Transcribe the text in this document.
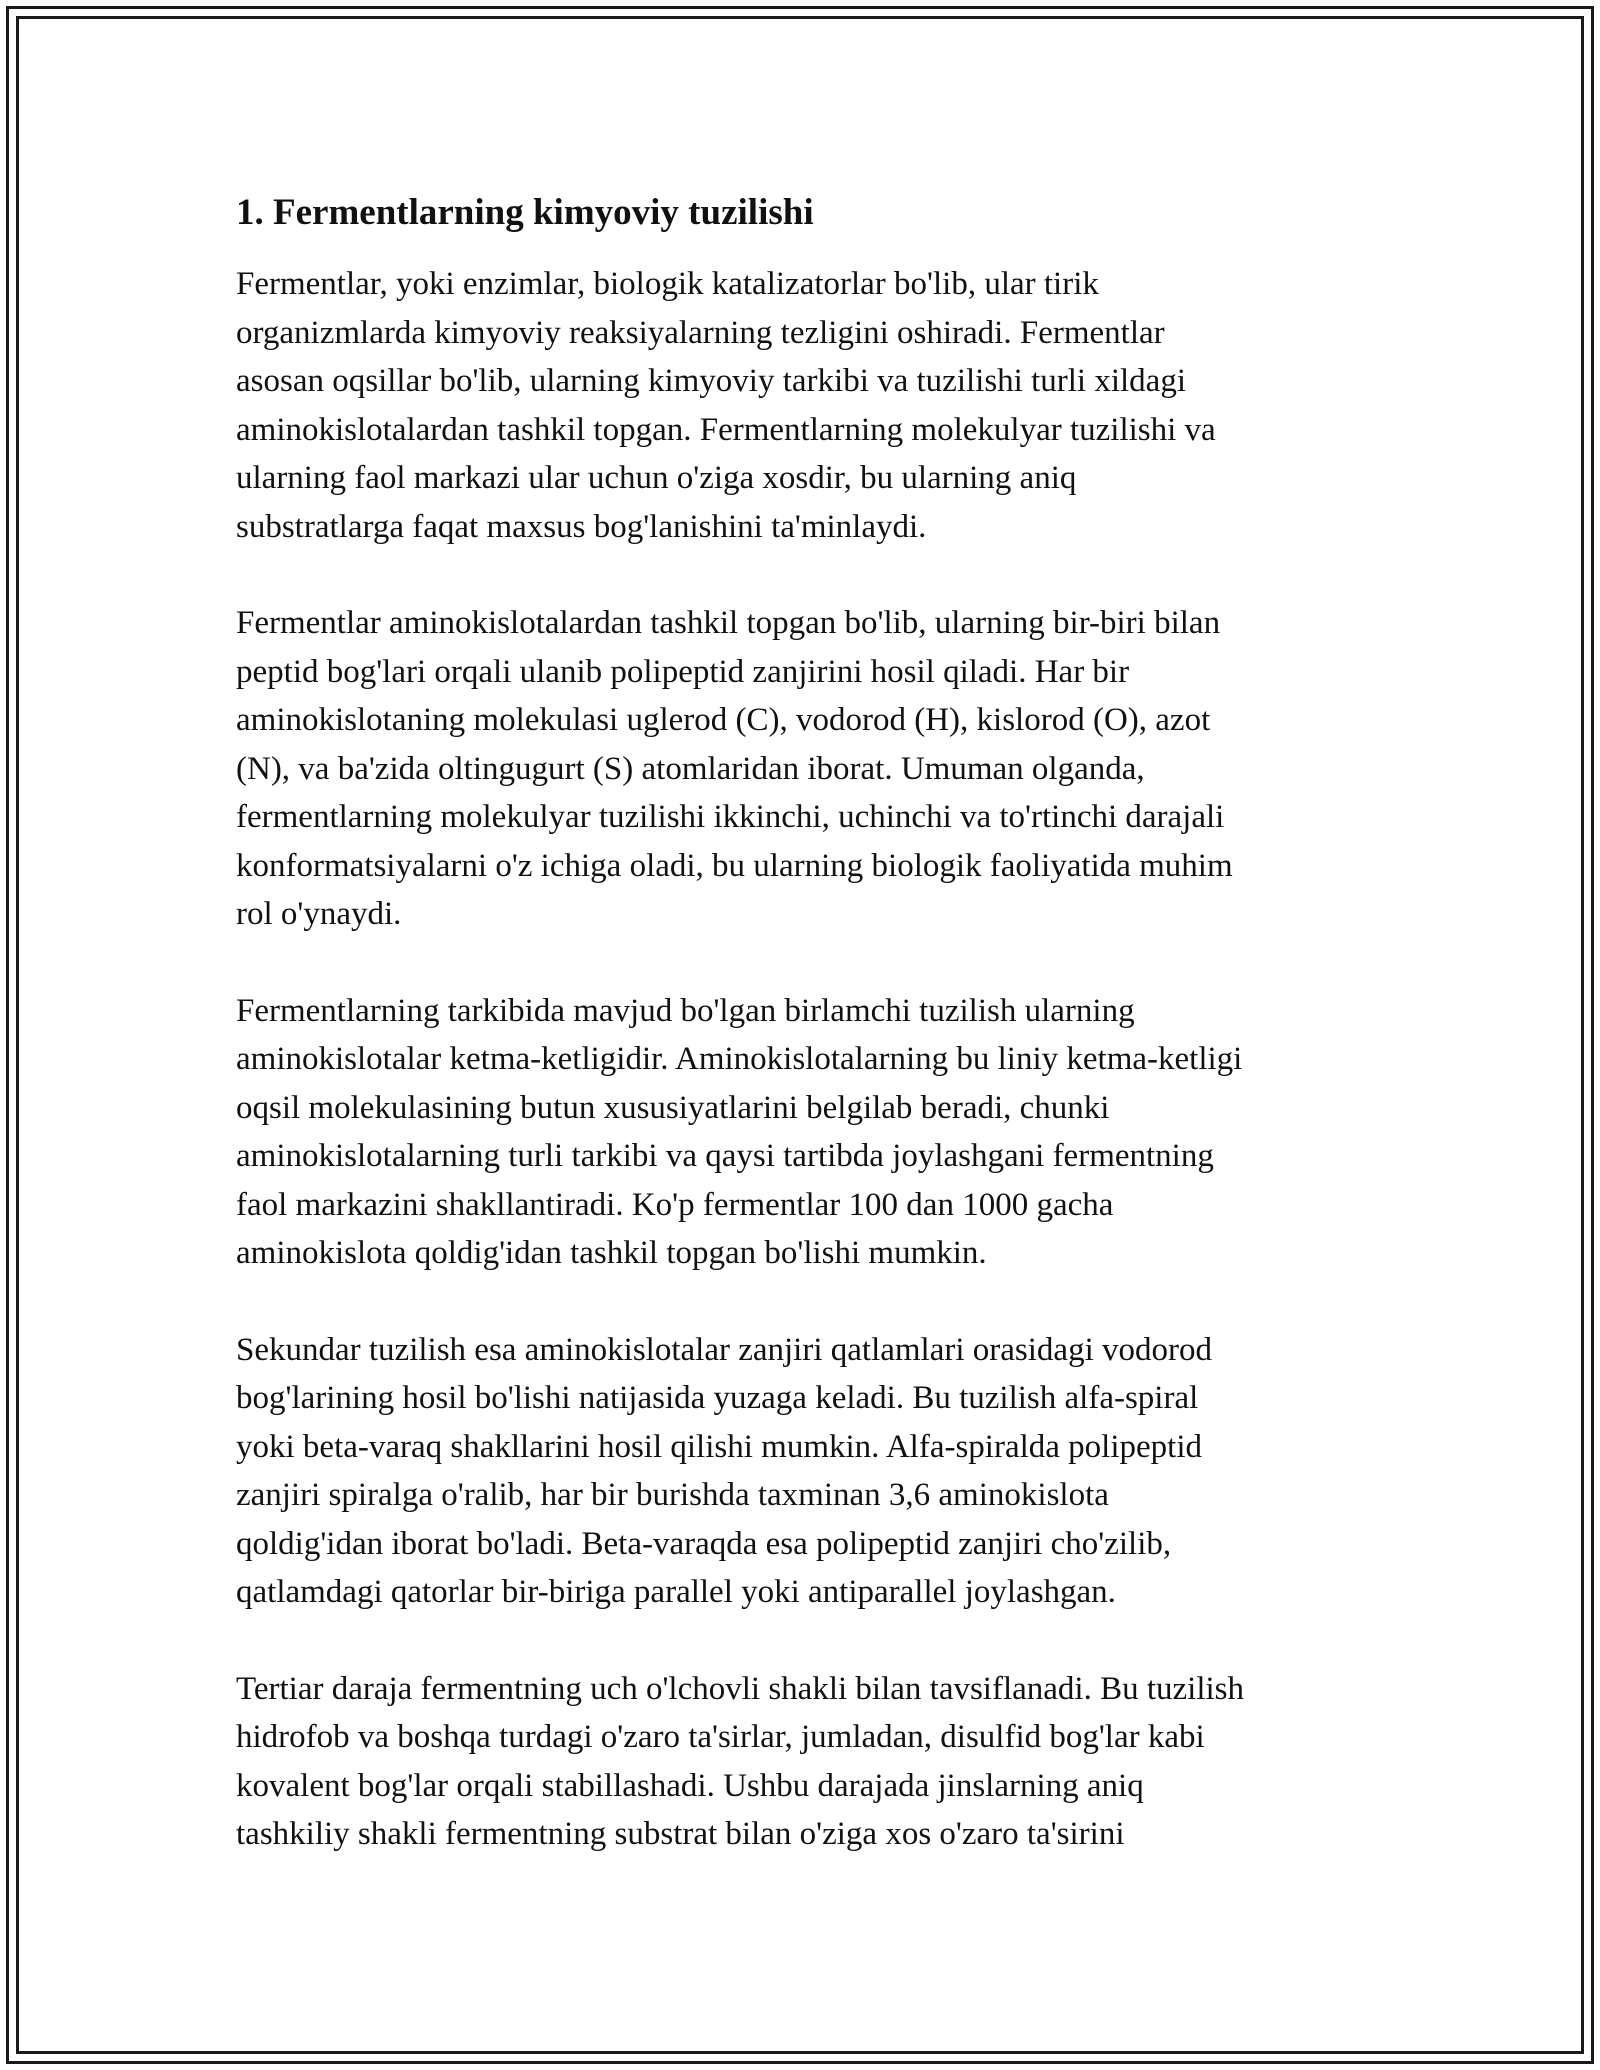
1. Fermentlarning kimyoviy tuzilishi

Fermentlar, yoki enzimlar, biologik katalizatorlar bo'lib, ular tirik
organizmlarda kimyoviy reaksiyalarning tezligini oshiradi. Fermentlar
asosan oqsillar bo'lib, ularning kimyoviy tarkibi va tuzilishi turli xildagi
aminokislotalardan tashkil topgan. Fermentlarning molekulyar tuzilishi va
ularning faol markazi ular uchun o'ziga xosdir, bu ularning aniq
substratlarga faqat maxsus bog'lanishini ta'minlaydi.

Fermentlar aminokislotalardan tashkil topgan bo'lib, ularning bir-biri bilan
peptid bog'lari orqali ulanib polipeptid zanjirini hosil qiladi. Har bir
aminokislotaning molekulasi uglerod (C), vodorod (H), kislorod (O), azot
(N), va ba'zida oltingugurt (S) atomlaridan iborat. Umuman olganda,
fermentlarning molekulyar tuzilishi ikkinchi, uchinchi va to'rtinchi darajali
konformatsiyalarni o'z ichiga oladi, bu ularning biologik faoliyatida muhim
rol o'ynaydi.

Fermentlarning tarkibida mavjud bo'lgan birlamchi tuzilish ularning
aminokislotalar ketma-ketligidir. Aminokislotalarning bu liniy ketma-ketligi
oqsil molekulasining butun xususiyatlarini belgilab beradi, chunki
aminokislotalarning turli tarkibi va qaysi tartibda joylashgani fermentning
faol markazini shakllantiradi. Ko'p fermentlar 100 dan 1000 gacha
aminokislota qoldig'idan tashkil topgan bo'lishi mumkin.

Sekundar tuzilish esa aminokislotalar zanjiri qatlamlari orasidagi vodorod
bog'larining hosil bo'lishi natijasida yuzaga keladi. Bu tuzilish alfa-spiral
yoki beta-varaq shakllarini hosil qilishi mumkin. Alfa-spiralda polipeptid
zanjiri spiralga o'ralib, har bir burishda taxminan 3,6 aminokislota
qoldig'idan iborat bo'ladi. Beta-varaqda esa polipeptid zanjiri cho'zilib,
qatlamdagi qatorlar bir-biriga parallel yoki antiparallel joylashgan.

Tertiar daraja fermentning uch o'lchovli shakli bilan tavsiflanadi. Bu tuzilish
hidrofob va boshqa turdagi o'zaro ta'sirlar, jumladan, disulfid bog'lar kabi
kovalent bog'lar orqali stabillashadi. Ushbu darajada jinslarning aniq
tashkiliy shakli fermentning substrat bilan o'ziga xos o'zaro ta'sirini
